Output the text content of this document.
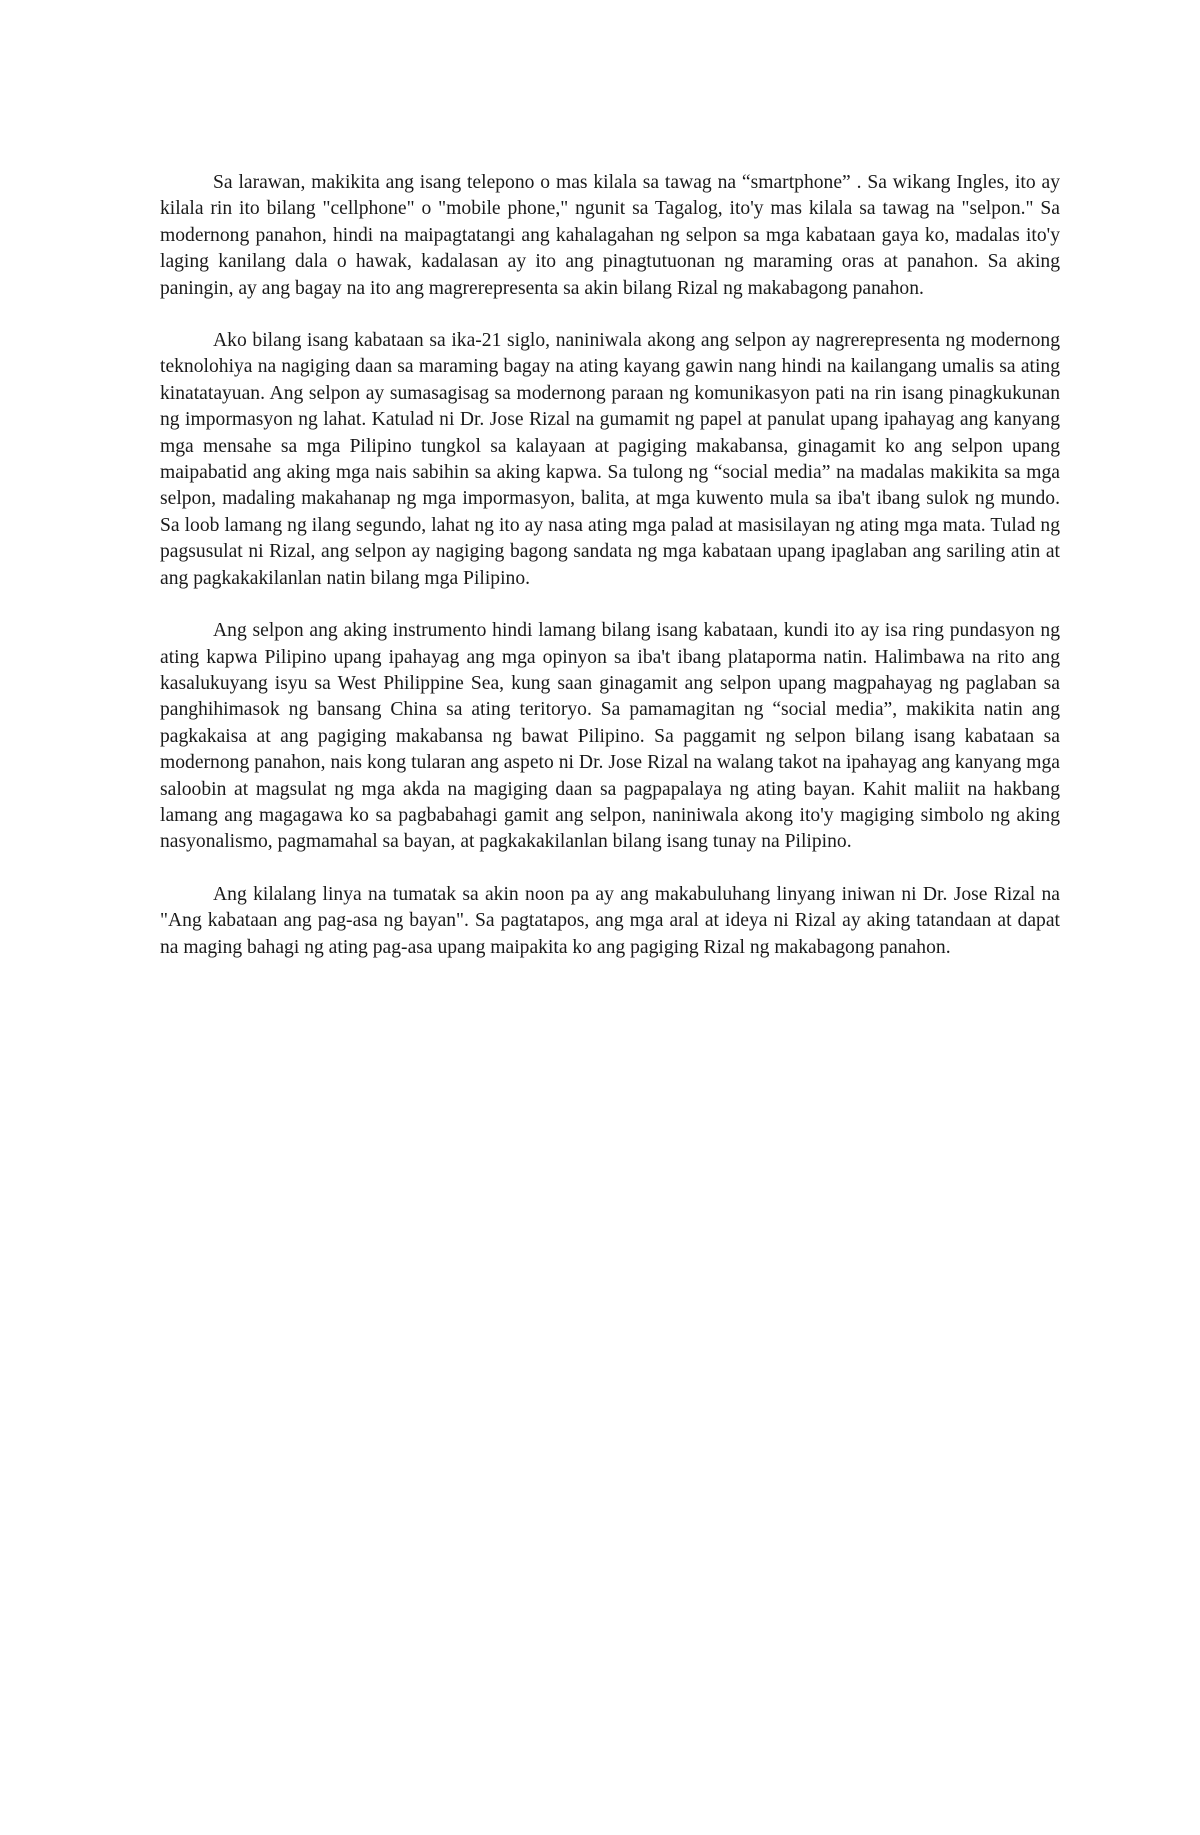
Sa larawan, makikita ang isang telepono o mas kilala sa tawag na “smartphone” . Sa wikang Ingles, ito ay kilala rin ito bilang "cellphone" o "mobile phone," ngunit sa Tagalog, ito'y mas kilala sa tawag na "selpon." Sa modernong panahon, hindi na maipagtatangi ang kahalagahan ng selpon sa mga kabataan gaya ko, madalas ito'y laging kanilang dala o hawak, kadalasan ay ito ang pinagtutuonan ng maraming oras at panahon. Sa aking paningin, ay ang bagay na ito ang magrerepresenta sa akin bilang Rizal ng makabagong panahon.

Ako bilang isang kabataan sa ika-21 siglo, naniniwala akong ang selpon ay nagrerepresenta ng modernong teknolohiya na nagiging daan sa maraming bagay na ating kayang gawin nang hindi na kailangang umalis sa ating kinatatayuan. Ang selpon ay sumasagisag sa modernong paraan ng komunikasyon pati na rin isang pinagkukunan ng impormasyon ng lahat. Katulad ni Dr. Jose Rizal na gumamit ng papel at panulat upang ipahayag ang kanyang mga mensahe sa mga Pilipino tungkol sa kalayaan at pagiging makabansa, ginagamit ko ang selpon upang maipabatid ang aking mga nais sabihin sa aking kapwa. Sa tulong ng “social media” na madalas makikita sa mga selpon, madaling makahanap ng mga impormasyon, balita, at mga kuwento mula sa iba't ibang sulok ng mundo. Sa loob lamang ng ilang segundo, lahat ng ito ay nasa ating mga palad at masisilayan ng ating mga mata. Tulad ng pagsusulat ni Rizal, ang selpon ay nagiging bagong sandata ng mga kabataan upang ipaglaban ang sariling atin at ang pagkakakilanlan natin bilang mga Pilipino.

Ang selpon ang aking instrumento hindi lamang bilang isang kabataan, kundi ito ay isa ring pundasyon ng ating kapwa Pilipino upang ipahayag ang mga opinyon sa iba't ibang plataporma natin. Halimbawa na rito ang kasalukuyang isyu sa West Philippine Sea, kung saan ginagamit ang selpon upang magpahayag ng paglaban sa panghihimasok ng bansang China sa ating teritoryo. Sa pamamagitan ng “social media”, makikita natin ang pagkakaisa at ang pagiging makabansa ng bawat Pilipino. Sa paggamit ng selpon bilang isang kabataan sa modernong panahon, nais kong tularan ang aspeto ni Dr. Jose Rizal na walang takot na ipahayag ang kanyang mga saloobin at magsulat ng mga akda na magiging daan sa pagpapalaya ng ating bayan. Kahit maliit na hakbang lamang ang magagawa ko sa pagbabahagi gamit ang selpon, naniniwala akong ito'y magiging simbolo ng aking nasyonalismo, pagmamahal sa bayan, at pagkakakilanlan bilang isang tunay na Pilipino.

Ang kilalang linya na tumatak sa akin noon pa ay ang makabuluhang linyang iniwan ni Dr. Jose Rizal na "Ang kabataan ang pag-asa ng bayan". Sa pagtatapos, ang mga aral at ideya ni Rizal ay aking tatandaan at dapat na maging bahagi ng ating pag-asa upang maipakita ko ang pagiging Rizal ng makabagong panahon.
